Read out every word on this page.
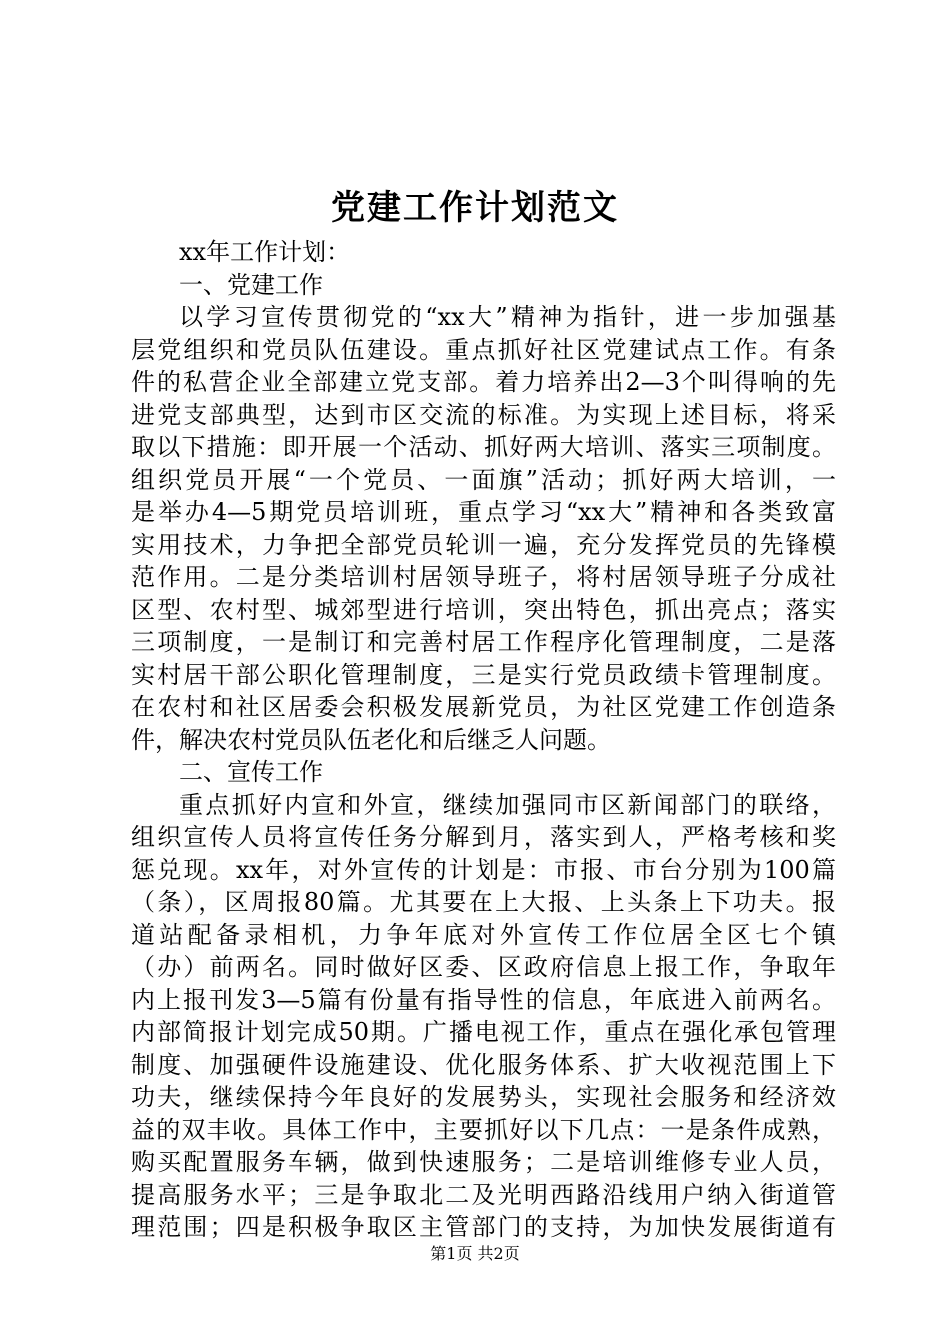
党建工作计划范文
xx年工作计划：
一、党建工作
以学习宣传贯彻党的“xx大”精神为指针，进一步加强基
层党组织和党员队伍建设。重点抓好社区党建试点工作。有条
件的私营企业全部建立党支部。着力培养出2—3个叫得响的先
进党支部典型，达到市区交流的标准。为实现上述目标，将采
取以下措施：即开展一个活动、抓好两大培训、落实三项制度。
组织党员开展“一个党员、一面旗”活动；抓好两大培训，一
是举办4—5期党员培训班，重点学习“xx大”精神和各类致富
实用技术，力争把全部党员轮训一遍，充分发挥党员的先锋模
范作用。二是分类培训村居领导班子，将村居领导班子分成社
区型、农村型、城郊型进行培训，突出特色，抓出亮点；落实
三项制度，一是制订和完善村居工作程序化管理制度，二是落
实村居干部公职化管理制度，三是实行党员政绩卡管理制度。
在农村和社区居委会积极发展新党员，为社区党建工作创造条
件，解决农村党员队伍老化和后继乏人问题。
二、宣传工作
重点抓好内宣和外宣，继续加强同市区新闻部门的联络，
组织宣传人员将宣传任务分解到月，落实到人，严格考核和奖
惩兑现。xx年，对外宣传的计划是：市报、市台分别为100篇
（条），区周报80篇。尤其要在上大报、上头条上下功夫。报
道站配备录相机，力争年底对外宣传工作位居全区七个镇
（办）前两名。同时做好区委、区政府信息上报工作，争取年
内上报刊发3—5篇有份量有指导性的信息，年底进入前两名。
内部简报计划完成50期。广播电视工作，重点在强化承包管理
制度、加强硬件设施建设、优化服务体系、扩大收视范围上下
功夫，继续保持今年良好的发展势头，实现社会服务和经济效
益的双丰收。具体工作中，主要抓好以下几点：一是条件成熟，
购买配置服务车辆，做到快速服务；二是培训维修专业人员，
提高服务水平；三是争取北二及光明西路沿线用户纳入街道管
理范围；四是积极争取区主管部门的支持，为加快发展街道有
第1页 共2页
